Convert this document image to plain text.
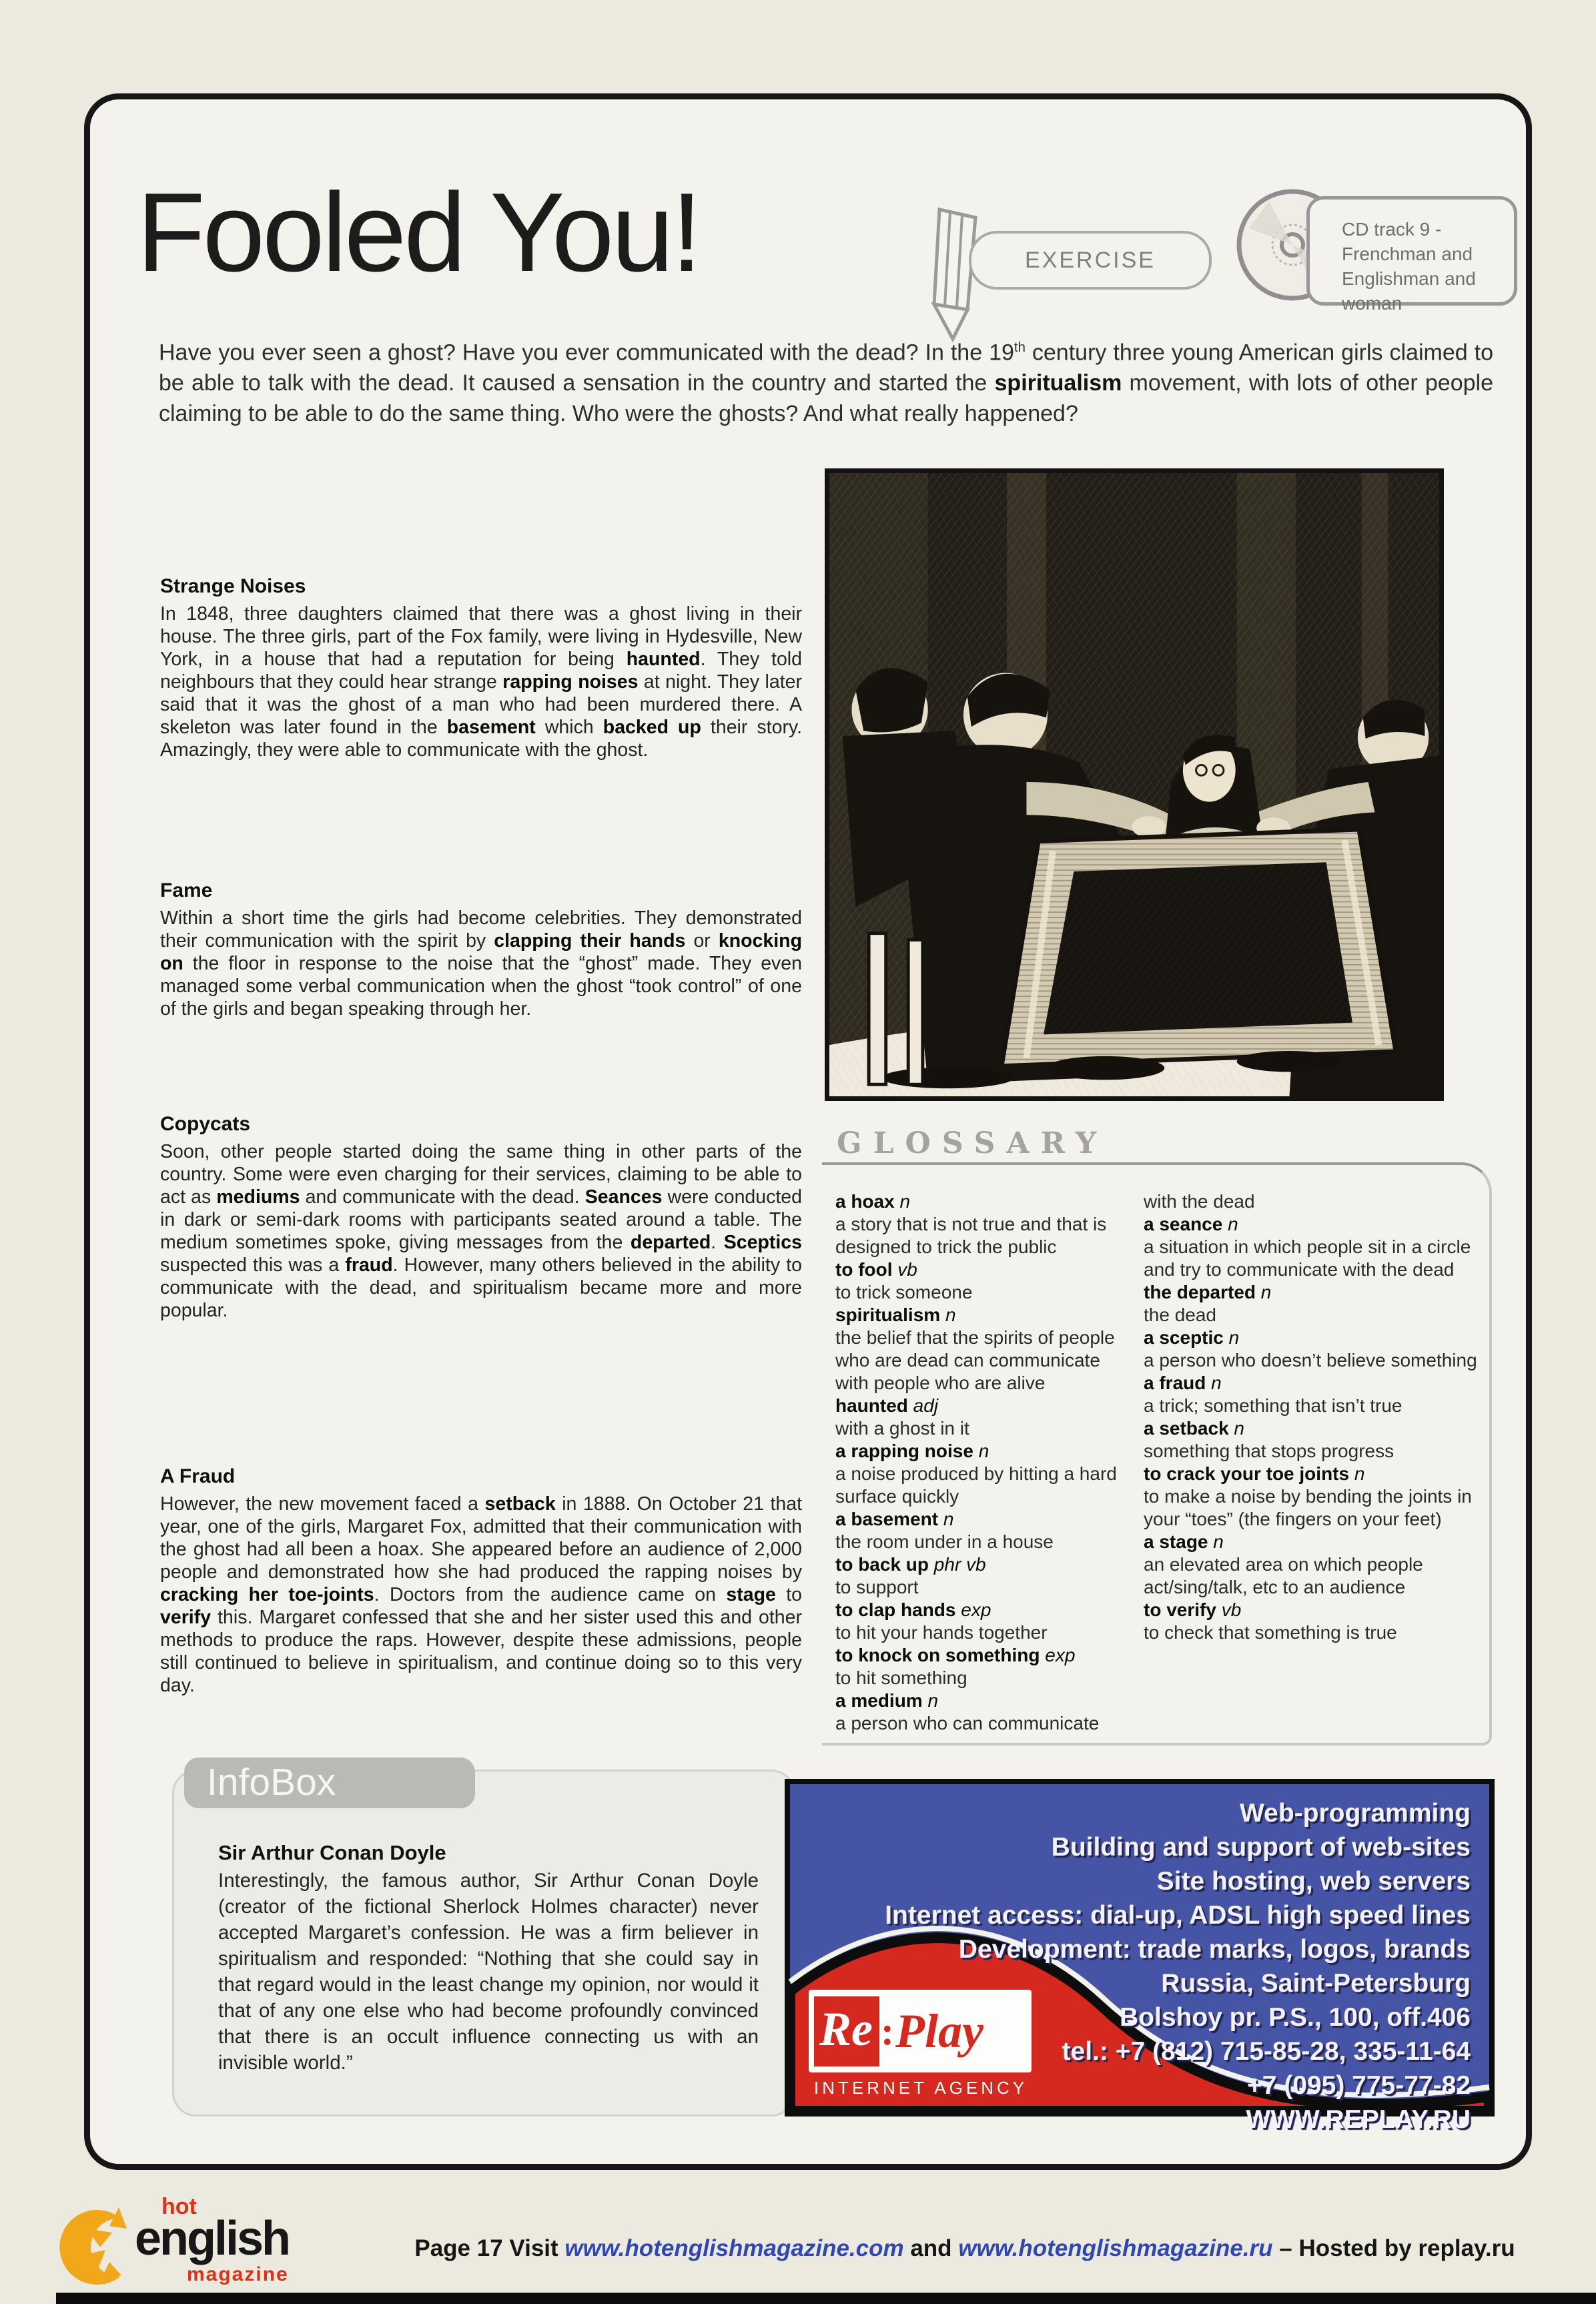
Fooled You!	EXERCISE
CD track 9 - Frenchman and Englishman and woman
Have you ever seen a ghost? Have you ever communicated with the dead? In the 19th century three young American girls claimed to be able to talk with the dead. It caused a sensation in the country and started the spiritualism movement, with lots of other people claiming to be able to do the same thing. Who were the ghosts? And what really happened?
Strange Noises

In 1848, three daughters claimed that there was a ghost living in their house. The three girls, part of the Fox family, were living in Hydesville, New York, in a house that had a reputation for being haunted. They told neighbours that they could hear strange rapping noises at night. They later said that it was the ghost of a man who had been murdered there. A skeleton was later found in the basement which backed up their story. Amazingly, they were able to communicate with the ghost.

Fame

Within a short time the girls had become celebrities. They demonstrated their communication with the spirit by clapping their hands or knocking on the floor in response to the noise that the “ghost” made. They even managed some verbal communication when the ghost “took control” of one of the girls and began speaking through her.

Copycats

Soon, other people started doing the same thing in other parts of the country. Some were even charging for their services, claiming to be able to act as mediums and communicate with the dead. Seances were conducted in dark or semi-dark rooms with participants seated around a table. The medium sometimes spoke, giving messages from the departed. Sceptics suspected this was a fraud. However, many others believed in the ability to communicate with the dead, and spiritualism became more and more popular.

A Fraud

However, the new movement faced a setback in 1888. On October 21 that year, one of the girls, Margaret Fox, admitted that their communication with the ghost had all been a hoax. She appeared before an audience of 2,000 people and demonstrated how she had produced the rapping noises by cracking her toe-joints. Doctors from the audience came on stage to verify this. Margaret confessed that she and her sister used this and other methods to produce the raps. However, despite these admissions, people still continued to believe in spiritualism, and continue doing so to this very day.

GLOSSARY
a hoax n
a story that is not true and that is designed to trick the public
to fool vb
to trick someone
spiritualism n
the belief that the spirits of people who are dead can communicate with people who are alive
haunted adj
with a ghost in it
a rapping noise n
a noise produced by hitting a hard surface quickly
a basement n
the room under in a house
to back up phr vb
to support
to clap hands exp
to hit your hands together
to knock on something exp
to hit something
a medium n
a person who can communicate
with the dead
a seance n
a situation in which people sit in a circle and try to communicate with the dead
the departed n
the dead
a sceptic n
a person who doesn’t believe something
a fraud n
a trick; something that isn’t true
a setback n
something that stops progress
to crack your toe joints n
to make a noise by bending the joints in your “toes” (the fingers on your feet)
a stage n
an elevated area on which people act/sing/talk, etc to an audience
to verify vb
to check that something is true
Sir Arthur Conan Doyle
Interestingly, the famous author, Sir Arthur Conan Doyle (creator of the fictional Sherlock Holmes character) never accepted Margaret’s confession. He was a firm believer in spiritualism and responded: “Nothing that she could say in that regard would in the least change my opinion, nor would it that of any one else who had become profoundly convinced that there is an occult influence connecting us with an invisible world.”
InfoBox
Re : Play
INTERNET AGENCY
Web-programming
Building and support of web-sites
Site hosting, web servers
Internet access: dial-up, ADSL high speed lines
Development: trade marks, logos, brands
Russia, Saint-Petersburg
Bolshoy pr. P.S., 100, off.406
tel.: +7 (812) 715-85-28, 335-11-64
+7 (095) 775-77-82
WWW.REPLAY.RU
hot
english
magazine
Page 17 Visit www.hotenglishmagazine.com and www.hotenglishmagazine.ru – Hosted by replay.ru
